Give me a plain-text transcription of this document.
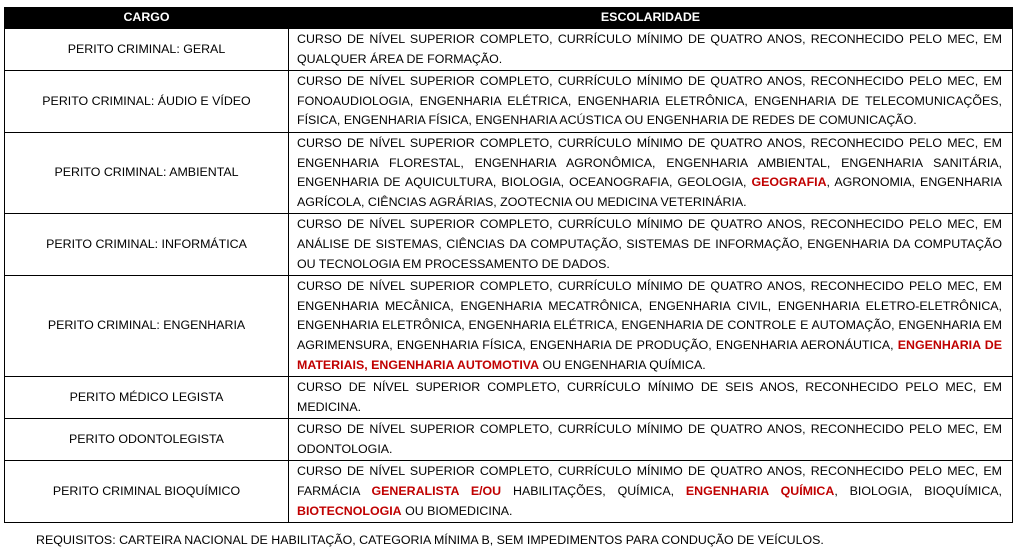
CARGO	ESCOLARIDADE
PERITO CRIMINAL: GERAL	CURSO DE NÍVEL SUPERIOR COMPLETO, CURRÍCULO MÍNIMO DE QUATRO ANOS, RECONHECIDO PELO MEC, EM QUALQUER ÁREA DE FORMAÇÃO.
PERITO CRIMINAL: ÁUDIO E VÍDEO	CURSO DE NÍVEL SUPERIOR COMPLETO, CURRÍCULO MÍNIMO DE QUATRO ANOS, RECONHECIDO PELO MEC, EM FONOAUDIOLOGIA, ENGENHARIA ELÉTRICA, ENGENHARIA ELETRÔNICA, ENGENHARIA DE TELECOMUNICAÇÕES, FÍSICA, ENGENHARIA FÍSICA, ENGENHARIA ACÚSTICA OU ENGENHARIA DE REDES DE COMUNICAÇÃO.
PERITO CRIMINAL: AMBIENTAL	CURSO DE NÍVEL SUPERIOR COMPLETO, CURRÍCULO MÍNIMO DE QUATRO ANOS, RECONHECIDO PELO MEC, EM ENGENHARIA FLORESTAL, ENGENHARIA AGRONÔMICA, ENGENHARIA AMBIENTAL, ENGENHARIA SANITÁRIA, ENGENHARIA DE AQUICULTURA, BIOLOGIA, OCEANOGRAFIA, GEOLOGIA, GEOGRAFIA, AGRONOMIA, ENGENHARIA AGRÍCOLA, CIÊNCIAS AGRÁRIAS, ZOOTECNIA OU MEDICINA VETERINÁRIA.
PERITO CRIMINAL: INFORMÁTICA	CURSO DE NÍVEL SUPERIOR COMPLETO, CURRÍCULO MÍNIMO DE QUATRO ANOS, RECONHECIDO PELO MEC, EM ANÁLISE DE SISTEMAS, CIÊNCIAS DA COMPUTAÇÃO, SISTEMAS DE INFORMAÇÃO, ENGENHARIA DA COMPUTAÇÃO OU TECNOLOGIA EM PROCESSAMENTO DE DADOS.
PERITO CRIMINAL: ENGENHARIA	CURSO DE NÍVEL SUPERIOR COMPLETO, CURRÍCULO MÍNIMO DE QUATRO ANOS, RECONHECIDO PELO MEC, EM ENGENHARIA MECÂNICA, ENGENHARIA MECATRÔNICA, ENGENHARIA CIVIL, ENGENHARIA ELETRO-ELETRÔNICA, ENGENHARIA ELETRÔNICA, ENGENHARIA ELÉTRICA, ENGENHARIA DE CONTROLE E AUTOMAÇÃO, ENGENHARIA EM AGRIMENSURA, ENGENHARIA FÍSICA, ENGENHARIA DE PRODUÇÃO, ENGENHARIA AERONÁUTICA, ENGENHARIA DE MATERIAIS, ENGENHARIA AUTOMOTIVA OU ENGENHARIA QUÍMICA.
PERITO MÉDICO LEGISTA	CURSO DE NÍVEL SUPERIOR COMPLETO, CURRÍCULO MÍNIMO DE SEIS ANOS, RECONHECIDO PELO MEC, EM MEDICINA.
PERITO ODONTOLEGISTA	CURSO DE NÍVEL SUPERIOR COMPLETO, CURRÍCULO MÍNIMO DE QUATRO ANOS, RECONHECIDO PELO MEC, EM ODONTOLOGIA.
PERITO CRIMINAL BIOQUÍMICO	CURSO DE NÍVEL SUPERIOR COMPLETO, CURRÍCULO MÍNIMO DE QUATRO ANOS, RECONHECIDO PELO MEC, EM FARMÁCIA GENERALISTA E/OU HABILITAÇÕES, QUÍMICA, ENGENHARIA QUÍMICA, BIOLOGIA, BIOQUÍMICA, BIOTECNOLOGIA OU BIOMEDICINA.
REQUISITOS: CARTEIRA NACIONAL DE HABILITAÇÃO, CATEGORIA MÍNIMA B, SEM IMPEDIMENTOS PARA CONDUÇÃO DE VEÍCULOS.
